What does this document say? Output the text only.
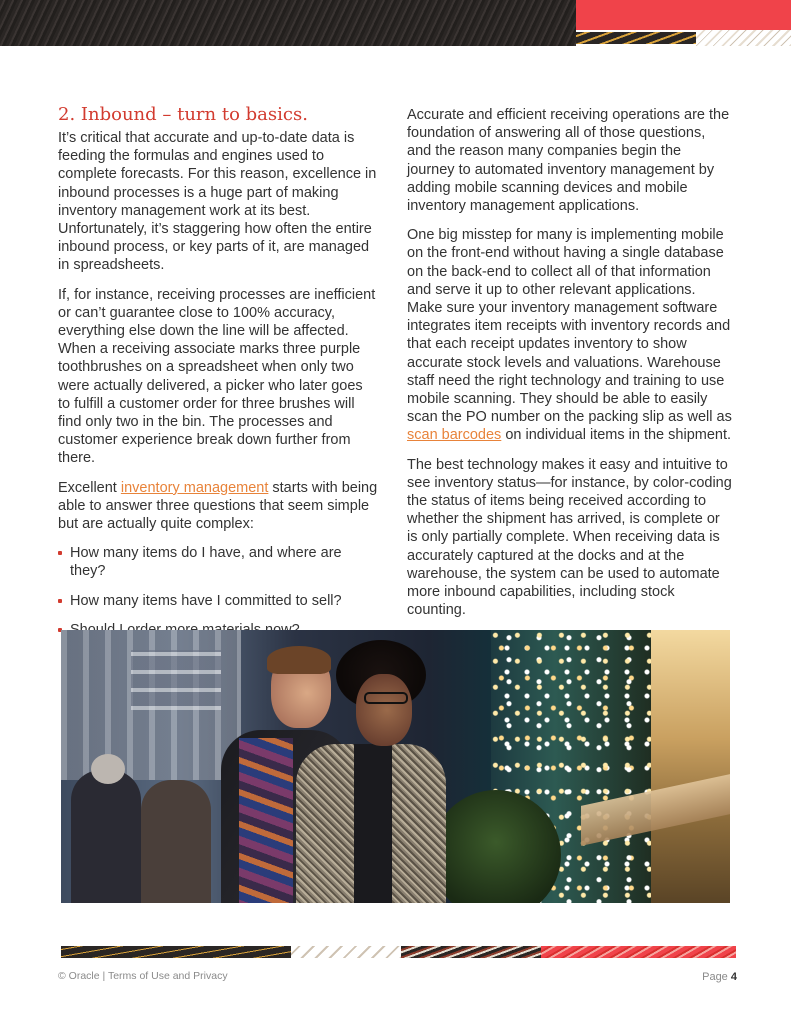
2. Inbound – turn to basics.

It’s critical that accurate and up-to-date data is feeding the formulas and engines used to complete forecasts. For this reason, excellence in inbound processes is a huge part of making inventory management work at its best. Unfortunately, it’s staggering how often the entire inbound process, or key parts of it, are managed in spreadsheets.

If, for instance, receiving processes are inefficient or can’t guarantee close to 100% accuracy, everything else down the line will be affected. When a receiving associate marks three purple toothbrushes on a spreadsheet when only two were actually delivered, a picker who later goes to fulfill a customer order for three brushes will find only two in the bin. The processes and customer experience break down further from there.

Excellent inventory management starts with being able to answer three questions that seem simple but are actually quite complex:

How many items do I have, and where are they?
How many items have I committed to sell?

Accurate and efficient receiving operations are the foundation of answering all of those questions, and the reason many companies begin the journey to automated inventory management by adding mobile scanning devices and mobile inventory management applications.

One big misstep for many is implementing mobile on the front-end without having a single database on the back-end to collect all of that information and serve it up to other relevant applications. Make sure your inventory management software integrates item receipts with inventory records and that each receipt updates inventory to show accurate stock levels and valuations. Warehouse staff need the right technology and training to use mobile scanning. They should be able to easily scan the PO number on the packing slip as well as scan barcodes on individual items in the shipment.

The best technology makes it easy and intuitive to see inventory status—for instance, by color-coding the status of items being received according to whether the shipment has arrived, is complete or is only partially complete. When receiving data is accurately captured at the docks and at the warehouse, the system can be used to automate more inbound capabilities, including stock counting.

© Oracle | Terms of Use and Privacy	Page 4
